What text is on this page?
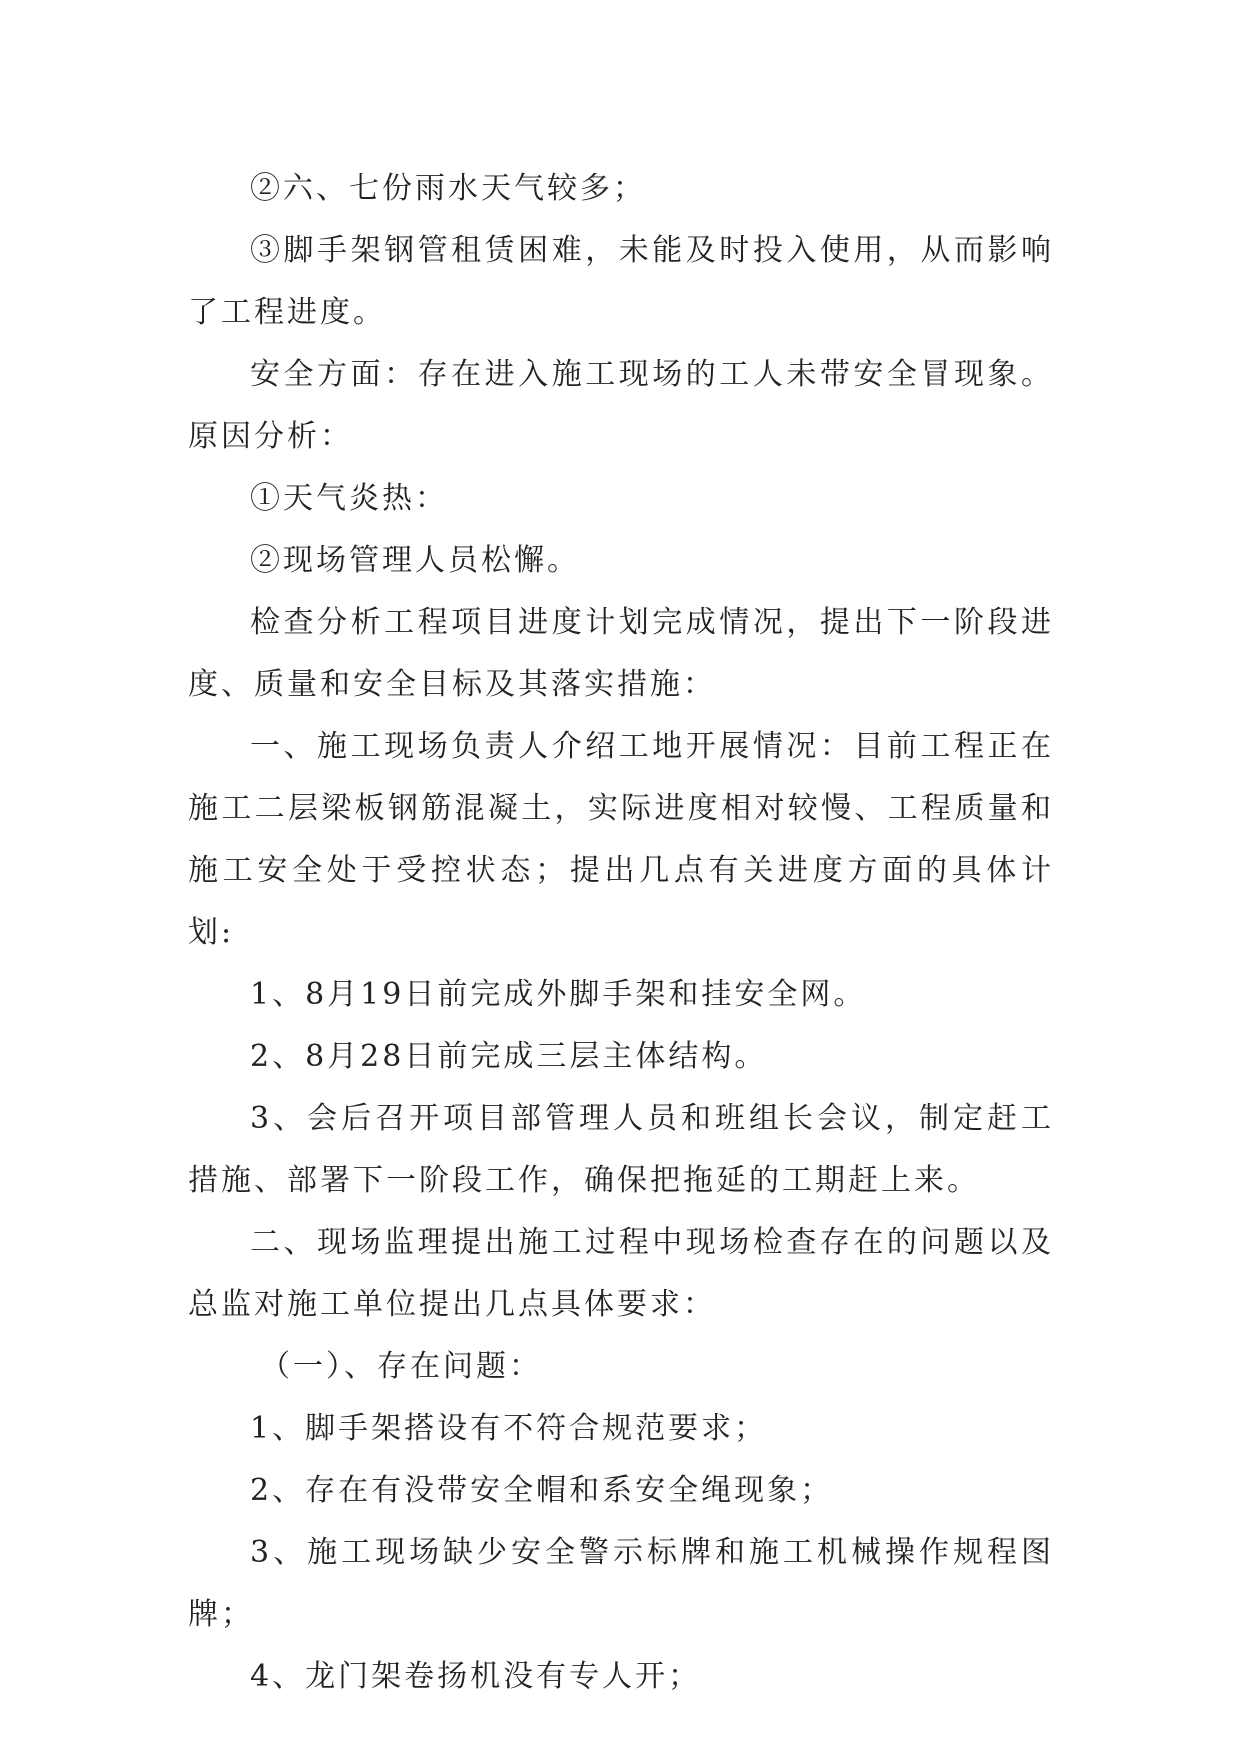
②六、七份雨水天气较多；

③脚手架钢管租赁困难，未能及时投入使用，从而影响了工程进度。

安全方面：存在进入施工现场的工人未带安全冒现象。原因分析：

①天气炎热：

②现场管理人员松懈。

检查分析工程项目进度计划完成情况，提出下一阶段进度、质量和安全目标及其落实措施：

一、施工现场负责人介绍工地开展情况：目前工程正在施工二层梁板钢筋混凝土，实际进度相对较慢、工程质量和施工安全处于受控状态；提出几点有关进度方面的具体计划:

1、8月19日前完成外脚手架和挂安全网。

2、8月28日前完成三层主体结构。

3、会后召开项目部管理人员和班组长会议，制定赶工措施、部署下一阶段工作，确保把拖延的工期赶上来。

二、现场监理提出施工过程中现场检查存在的问题以及总监对施工单位提出几点具体要求：

（一）、存在问题：

1、脚手架搭设有不符合规范要求；

2、存在有没带安全帽和系安全绳现象；

3、施工现场缺少安全警示标牌和施工机械操作规程图牌；

4、龙门架卷扬机没有专人开；
